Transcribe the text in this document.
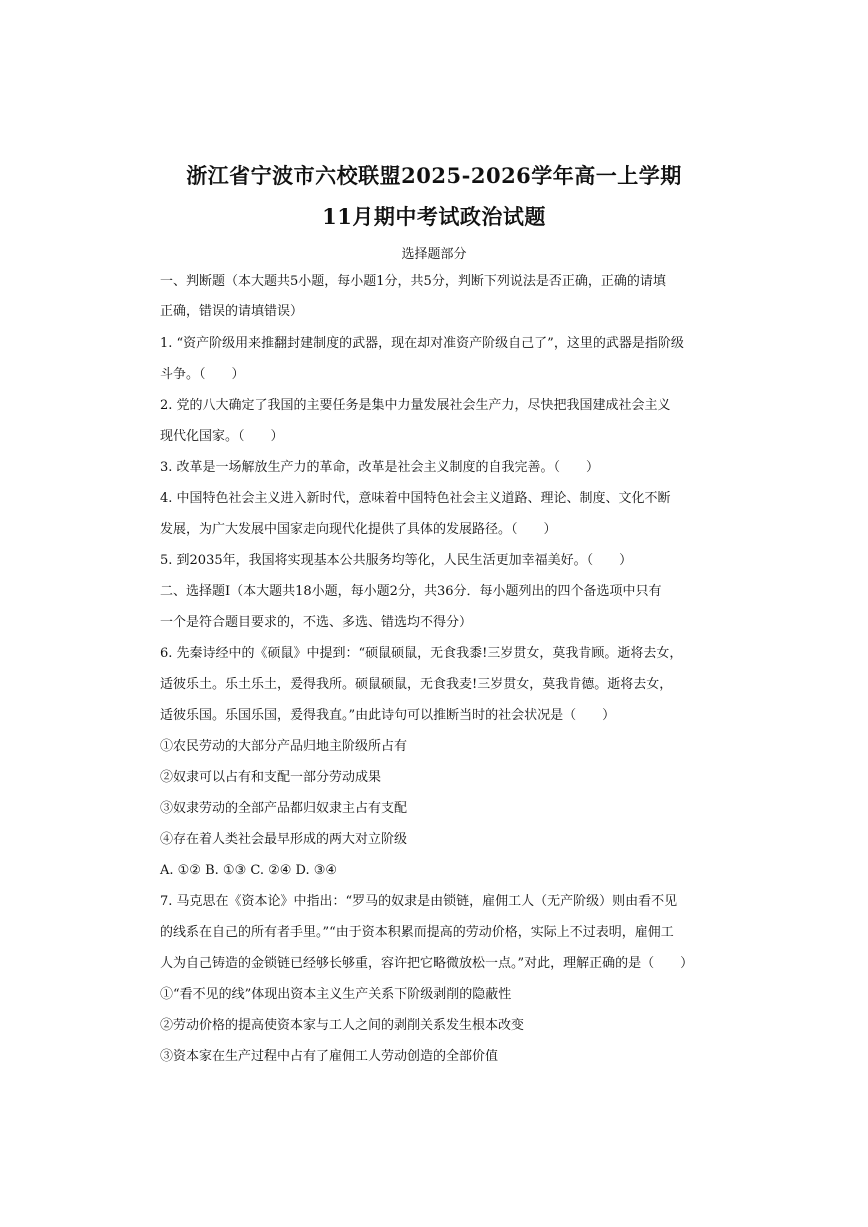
浙江省宁波市六校联盟2025-2026学年高一上学期
11月期中考试政治试题
选择题部分
一、判断题（本大题共5小题，每小题1分，共5分，判断下列说法是否正确，正确的请填
正确，错误的请填错误）
1. “资产阶级用来推翻封建制度的武器，现在却对准资产阶级自己了”，这里的武器是指阶级
斗争。（　　）
2. 党的八大确定了我国的主要任务是集中力量发展社会生产力，尽快把我国建成社会主义
现代化国家。（　　）
3. 改革是一场解放生产力的革命，改革是社会主义制度的自我完善。（　　）
4. 中国特色社会主义进入新时代，意味着中国特色社会主义道路、理论、制度、文化不断
发展，为广大发展中国家走向现代化提供了具体的发展路径。（　　）
5. 到2035年，我国将实现基本公共服务均等化，人民生活更加幸福美好。（　　）
二、选择题Ⅰ（本大题共18小题，每小题2分，共36分．每小题列出的四个备选项中只有
一个是符合题目要求的，不选、多选、错选均不得分）
6. 先秦诗经中的《硕鼠》中提到：“硕鼠硕鼠，无食我黍!三岁贯女，莫我肯顾。逝将去女，
适彼乐土。乐土乐土，爰得我所。硕鼠硕鼠，无食我麦!三岁贯女，莫我肯德。逝将去女，
适彼乐国。乐国乐国，爰得我直。”由此诗句可以推断当时的社会状况是（　　）
①农民劳动的大部分产品归地主阶级所占有
②奴隶可以占有和支配一部分劳动成果
③奴隶劳动的全部产品都归奴隶主占有支配
④存在着人类社会最早形成的两大对立阶级
A. ①② B. ①③ C. ②④ D. ③④
7. 马克思在《资本论》中指出：“罗马的奴隶是由锁链，雇佣工人（无产阶级）则由看不见
的线系在自己的所有者手里。”“由于资本积累而提高的劳动价格，实际上不过表明，雇佣工
人为自己铸造的金锁链已经够长够重，容许把它略微放松一点。”对此，理解正确的是（　　）
①“看不见的线”体现出资本主义生产关系下阶级剥削的隐蔽性
②劳动价格的提高使资本家与工人之间的剥削关系发生根本改变
③资本家在生产过程中占有了雇佣工人劳动创造的全部价值
